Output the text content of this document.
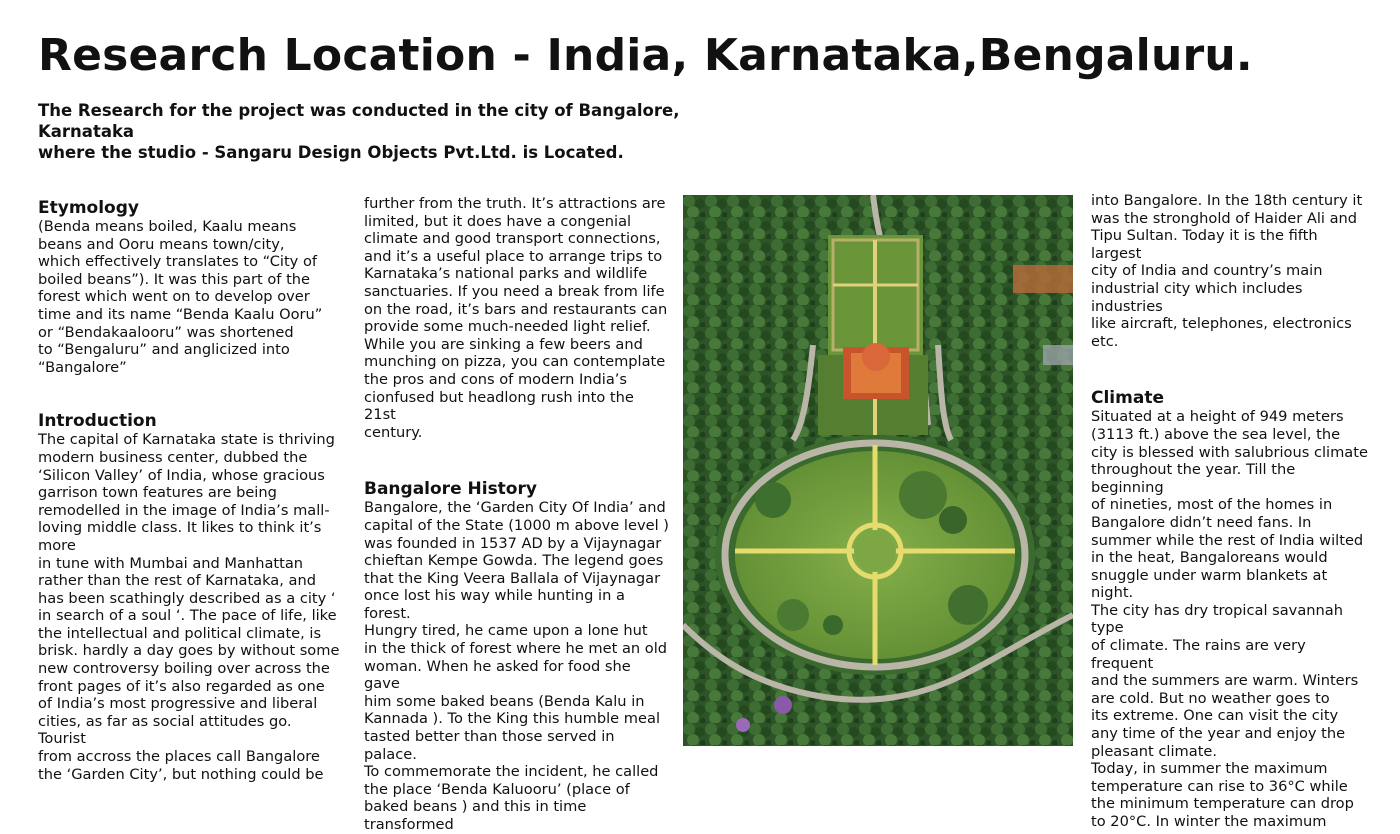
Research Location - India, Karnataka,Bengaluru.

The Research for the project was conducted in the city of Bangalore, Karnataka
where the studio - Sangaru Design Objects Pvt.Ltd. is Located.

Etymology

(Benda means boiled, Kaalu means
beans and Ooru means town/city,
which effectively translates to “City of
boiled beans”). It was this part of the
forest which went on to develop over
time and its name “Benda Kaalu Ooru”
or “Bendakaalooru” was shortened
to “Bengaluru” and anglicized into
“Bangalore”

Introduction

The capital of Karnataka state is thriving
modern business center, dubbed the
‘Silicon Valley’ of India, whose gracious
garrison town features are being
remodelled in the image of India’s mall-
loving middle class. It likes to think it’s more
in tune with Mumbai and Manhattan
rather than the rest of Karnataka, and
has been scathingly described as a city ‘
in search of a soul ‘. The pace of life, like
the intellectual and political climate, is
brisk. hardly a day goes by without some
new controversy boiling over across the
front pages of it’s also regarded as one
of India’s most progressive and liberal
cities, as far as social attitudes go. Tourist
from accross the places call Bangalore
the ‘Garden City’, but nothing could be

further from the truth. It’s attractions are
limited, but it does have a congenial
climate and good transport connections,
and it’s a useful place to arrange trips to
Karnataka’s national parks and wildlife
sanctuaries. If you need a break from life
on the road, it’s bars and restaurants can
provide some much-needed light relief.
While you are sinking a few beers and
munching on pizza, you can contemplate
the pros and cons of modern India’s
cionfused but headlong rush into the 21st
century.

Bangalore History

Bangalore, the ‘Garden City Of India’ and
capital of the State (1000 m above level )
was founded in 1537 AD by a Vijaynagar
chieftan Kempe Gowda. The legend goes
that the King Veera Ballala of Vijaynagar
once lost his way while hunting in a forest.
Hungry tired, he came upon a lone hut
in the thick of forest where he met an old
woman. When he asked for food she gave
him some baked beans (Benda Kalu in
Kannada ). To the King this humble meal
tasted better than those served in palace.
To commemorate the incident, he called
the place ‘Benda Kaluooru’ (place of
baked beans ) and this in time transformed

into Bangalore. In the 18th century it
was the stronghold of Haider Ali and
Tipu Sultan. Today it is the fifth largest
city of India and country’s main
industrial city which includes industries
like aircraft, telephones, electronics
etc.

Climate

Situated at a height of 949 meters
(3113 ft.) above the sea level, the
city is blessed with salubrious climate
throughout the year. Till the beginning
of nineties, most of the homes in
Bangalore didn’t need fans. In
summer while the rest of India wilted
in the heat, Bangaloreans would
snuggle under warm blankets at night.
The city has dry tropical savannah
type
of climate. The rains are very frequent
and the summers are warm. Winters
are cold. But no weather goes to
its extreme. One can visit the city
any time of the year and enjoy the
pleasant climate.
Today, in summer the maximum
temperature can rise to 36°C while
the minimum temperature can drop
to 20°C. In winter the maximum
